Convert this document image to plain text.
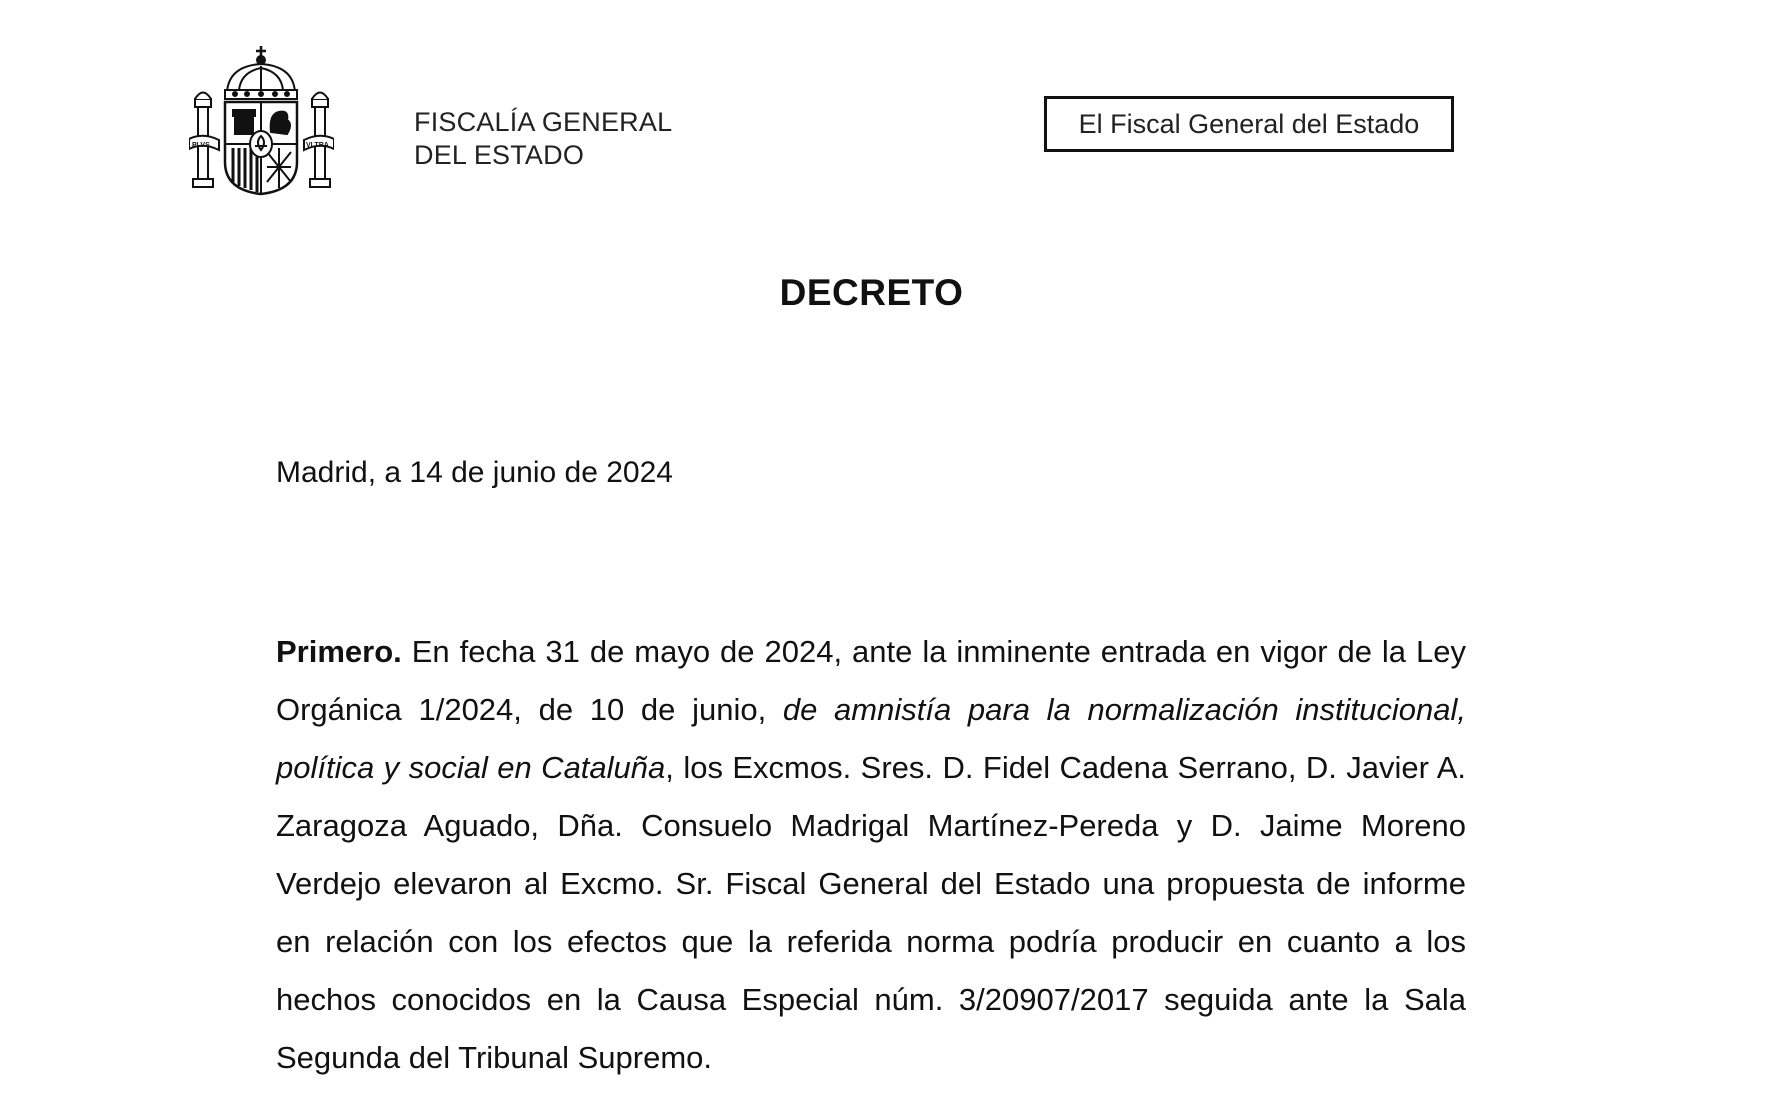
PLVS	VLTRA
FISCALÍA GENERAL
DEL ESTADO
El Fiscal General del Estado
DECRETO
Madrid, a 14 de junio de 2024
Primero. En fecha 31 de mayo de 2024, ante la inminente entrada en vigor de la Ley Orgánica 1/2024, de 10 de junio, de amnistía para la normalización institucional, política y social en Cataluña, los Excmos. Sres. D. Fidel Cadena Serrano, D. Javier A. Zaragoza Aguado, Dña. Consuelo Madrigal Martínez-Pereda y D. Jaime Moreno Verdejo elevaron al Excmo. Sr. Fiscal General del Estado una propuesta de informe en relación con los efectos que la referida norma podría producir en cuanto a los hechos conocidos en la Causa Especial núm. 3/20907/2017 seguida ante la Sala Segunda del Tribunal Supremo.
